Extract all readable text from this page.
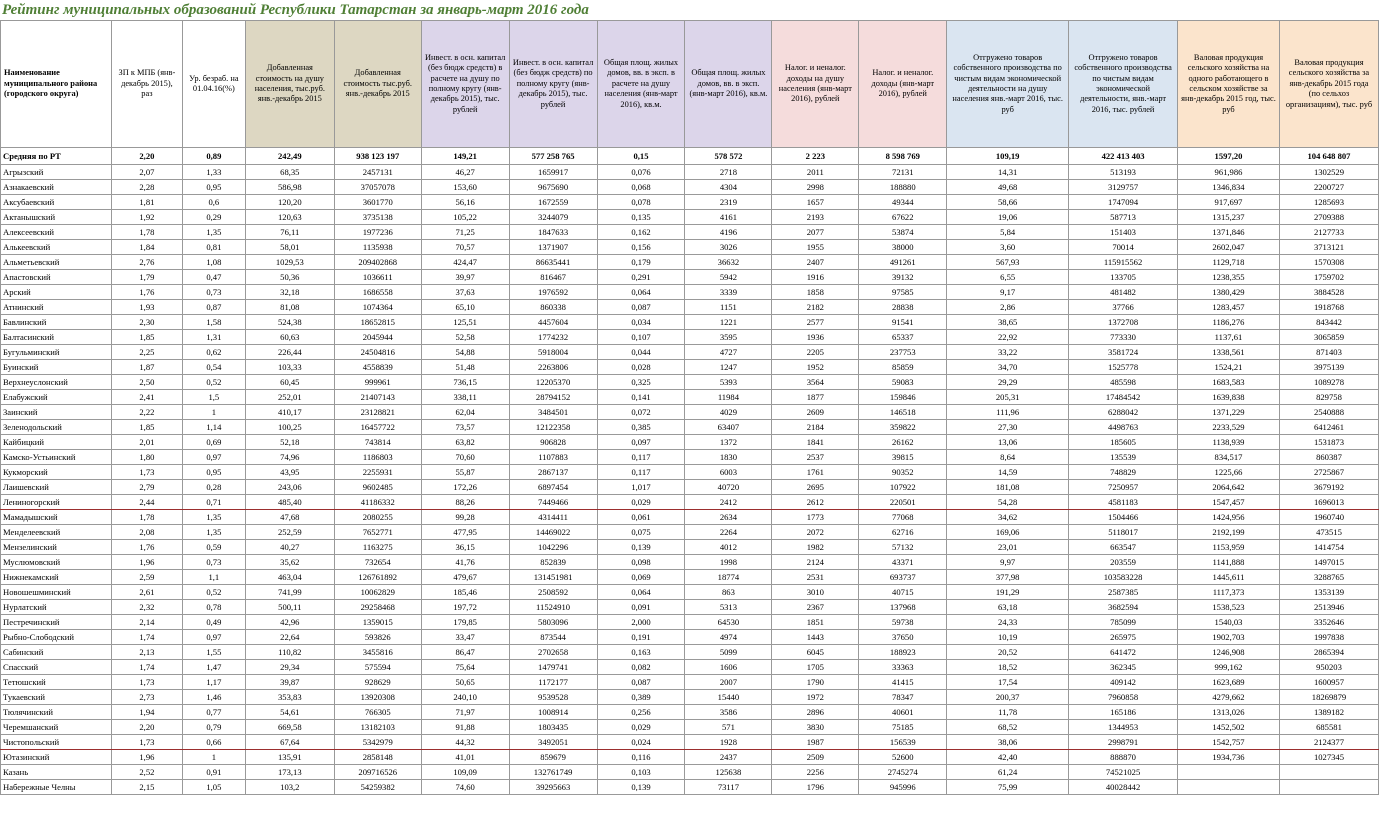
Рейтинг муниципальных образований Республики Татарстан за январь-март 2016 года
Наименование муниципального района (городского округа)	ЗП к МПБ (янв-декабрь 2015), раз	Ур. безраб. на 01.04.16(%)	Добавленная стоимость на душу населения, тыс.руб. янв.-декабрь 2015	Добавленная стоимость тыс.руб. янв.-декабрь 2015	Инвест. в осн. капитал (без бюдж средств) в расчете на душу по полному кругу (янв-декабрь 2015), тыс. рублей	Инвест. в осн. капитал (без бюдж средств) по полному кругу (янв-декабрь 2015), тыс. рублей	Общая площ. жилых домов, вв. в эксп. в расчете на душу населения (янв-март 2016), кв.м.	Общая площ. жилых домов, вв. в эксп. (янв-март 2016), кв.м.	Налог. и неналог. доходы на душу населения (янв-март 2016), рублей	Налог. и неналог. доходы (янв-март 2016), рублей	Отгружено товаров собственного производства по чистым видам экономической деятельности на душу населения янв.-март 2016, тыс. руб	Отгружено товаров собственного производства по чистым видам экономической деятельности, янв.-март 2016, тыс. рублей	Валовая продукция сельского хозяйства на одного работающего в сельском хозяйстве за янв-декабрь 2015 год, тыс. руб	Валовая продукция сельского хозяйства за янв-декабрь 2015 года (по сельхоз организациям), тыс. руб
Средняя по РТ	2,20	0,89	242,49	938 123 197	149,21	577 258 765	0,15	578 572	2 223	8 598 769	109,19	422 413 403	1597,20	104 648 807
Агрызский	2,07	1,33	68,35	2457131	46,27	1659917	0,076	2718	2011	72131	14,31	513193	961,986	1302529
Азнакаевский	2,28	0,95	586,98	37057078	153,60	9675690	0,068	4304	2998	188880	49,68	3129757	1346,834	2200727
Аксубаевский	1,81	0,6	120,20	3601770	56,16	1672559	0,078	2319	1657	49344	58,66	1747094	917,697	1285693
Актанышский	1,92	0,29	120,63	3735138	105,22	3244079	0,135	4161	2193	67622	19,06	587713	1315,237	2709388
Алексеевский	1,78	1,35	76,11	1977236	71,25	1847633	0,162	4196	2077	53874	5,84	151403	1371,846	2127733
Алькеевский	1,84	0,81	58,01	1135938	70,57	1371907	0,156	3026	1955	38000	3,60	70014	2602,047	3713121
Альметьевский	2,76	1,08	1029,53	209402868	424,47	86635441	0,179	36632	2407	491261	567,93	115915562	1129,718	1570308
Апастовский	1,79	0,47	50,36	1036611	39,97	816467	0,291	5942	1916	39132	6,55	133705	1238,355	1759702
Арский	1,76	0,73	32,18	1686558	37,63	1976592	0,064	3339	1858	97585	9,17	481482	1380,429	3884528
Атнинский	1,93	0,87	81,08	1074364	65,10	860338	0,087	1151	2182	28838	2,86	37766	1283,457	1918768
Бавлинский	2,30	1,58	524,38	18652815	125,51	4457604	0,034	1221	2577	91541	38,65	1372708	1186,276	843442
Балтасинский	1,85	1,31	60,63	2045944	52,58	1774232	0,107	3595	1936	65337	22,92	773330	1137,61	3065859
Бугульминский	2,25	0,62	226,44	24504816	54,88	5918004	0,044	4727	2205	237753	33,22	3581724	1338,561	871403
Буинский	1,87	0,54	103,33	4558839	51,48	2263806	0,028	1247	1952	85859	34,70	1525778	1524,21	3975139
Верхнеуслонский	2,50	0,52	60,45	999961	736,15	12205370	0,325	5393	3564	59083	29,29	485598	1683,583	1089278
Елабужский	2,41	1,5	252,01	21407143	338,11	28794152	0,141	11984	1877	159846	205,31	17484542	1639,838	829758
Заинский	2,22	1	410,17	23128821	62,04	3484501	0,072	4029	2609	146518	111,96	6288042	1371,229	2540888
Зеленодольский	1,85	1,14	100,25	16457722	73,57	12122358	0,385	63407	2184	359822	27,30	4498763	2233,529	6412461
Кайбицкий	2,01	0,69	52,18	743814	63,82	906828	0,097	1372	1841	26162	13,06	185605	1138,939	1531873
Камско-Устьинский	1,80	0,97	74,96	1186803	70,60	1107883	0,117	1830	2537	39815	8,64	135539	834,517	860387
Кукморский	1,73	0,95	43,95	2255931	55,87	2867137	0,117	6003	1761	90352	14,59	748829	1225,66	2725867
Лаишевский	2,79	0,28	243,06	9602485	172,26	6897454	1,017	40720	2695	107922	181,08	7250957	2064,642	3679192
Лениногорский	2,44	0,71	485,40	41186332	88,26	7449466	0,029	2412	2612	220501	54,28	4581183	1547,457	1696013
Мамадышский	1,78	1,35	47,68	2080255	99,28	4314411	0,061	2634	1773	77068	34,62	1504466	1424,956	1960740
Менделеевский	2,08	1,35	252,59	7652771	477,95	14469022	0,075	2264	2072	62716	169,06	5118017	2192,199	473515
Мензелинский	1,76	0,59	40,27	1163275	36,15	1042296	0,139	4012	1982	57132	23,01	663547	1153,959	1414754
Муслюмовский	1,96	0,73	35,62	732654	41,76	852839	0,098	1998	2124	43371	9,97	203559	1141,888	1497015
Нижнекамский	2,59	1,1	463,04	126761892	479,67	131451981	0,069	18774	2531	693737	377,98	103583228	1445,611	3288765
Новошешминский	2,61	0,52	741,99	10062829	185,46	2508592	0,064	863	3010	40715	191,29	2587385	1117,373	1353139
Нурлатский	2,32	0,78	500,11	29258468	197,72	11524910	0,091	5313	2367	137968	63,18	3682594	1538,523	2513946
Пестречинский	2,14	0,49	42,96	1359015	179,85	5803096	2,000	64530	1851	59738	24,33	785099	1540,03	3352646
Рыбно-Слободский	1,74	0,97	22,64	593826	33,47	873544	0,191	4974	1443	37650	10,19	265975	1902,703	1997838
Сабинский	2,13	1,55	110,82	3455816	86,47	2702658	0,163	5099	6045	188923	20,52	641472	1246,908	2865394
Спасский	1,74	1,47	29,34	575594	75,64	1479741	0,082	1606	1705	33363	18,52	362345	999,162	950203
Тетюшский	1,73	1,17	39,87	928629	50,65	1172177	0,087	2007	1790	41415	17,54	409142	1623,689	1600957
Тукаевский	2,73	1,46	353,83	13920308	240,10	9539528	0,389	15440	1972	78347	200,37	7960858	4279,662	18269879
Тюлячинский	1,94	0,77	54,61	766305	71,97	1008914	0,256	3586	2896	40601	11,78	165186	1313,026	1389182
Черемшанский	2,20	0,79	669,58	13182103	91,88	1803435	0,029	571	3830	75185	68,52	1344953	1452,502	685581
Чистопольский	1,73	0,66	67,64	5342979	44,32	3492051	0,024	1928	1987	156539	38,06	2998791	1542,757	2124377
Ютазинский	1,96	1	135,91	2858148	41,01	859679	0,116	2437	2509	52600	42,40	888870	1934,736	1027345
Казань	2,52	0,91	173,13	209716526	109,09	132761749	0,103	125638	2256	2745274	61,24	74521025		
Набережные Челны	2,15	1,05	103,2	54259382	74,60	39295663	0,139	73117	1796	945996	75,99	40028442		
